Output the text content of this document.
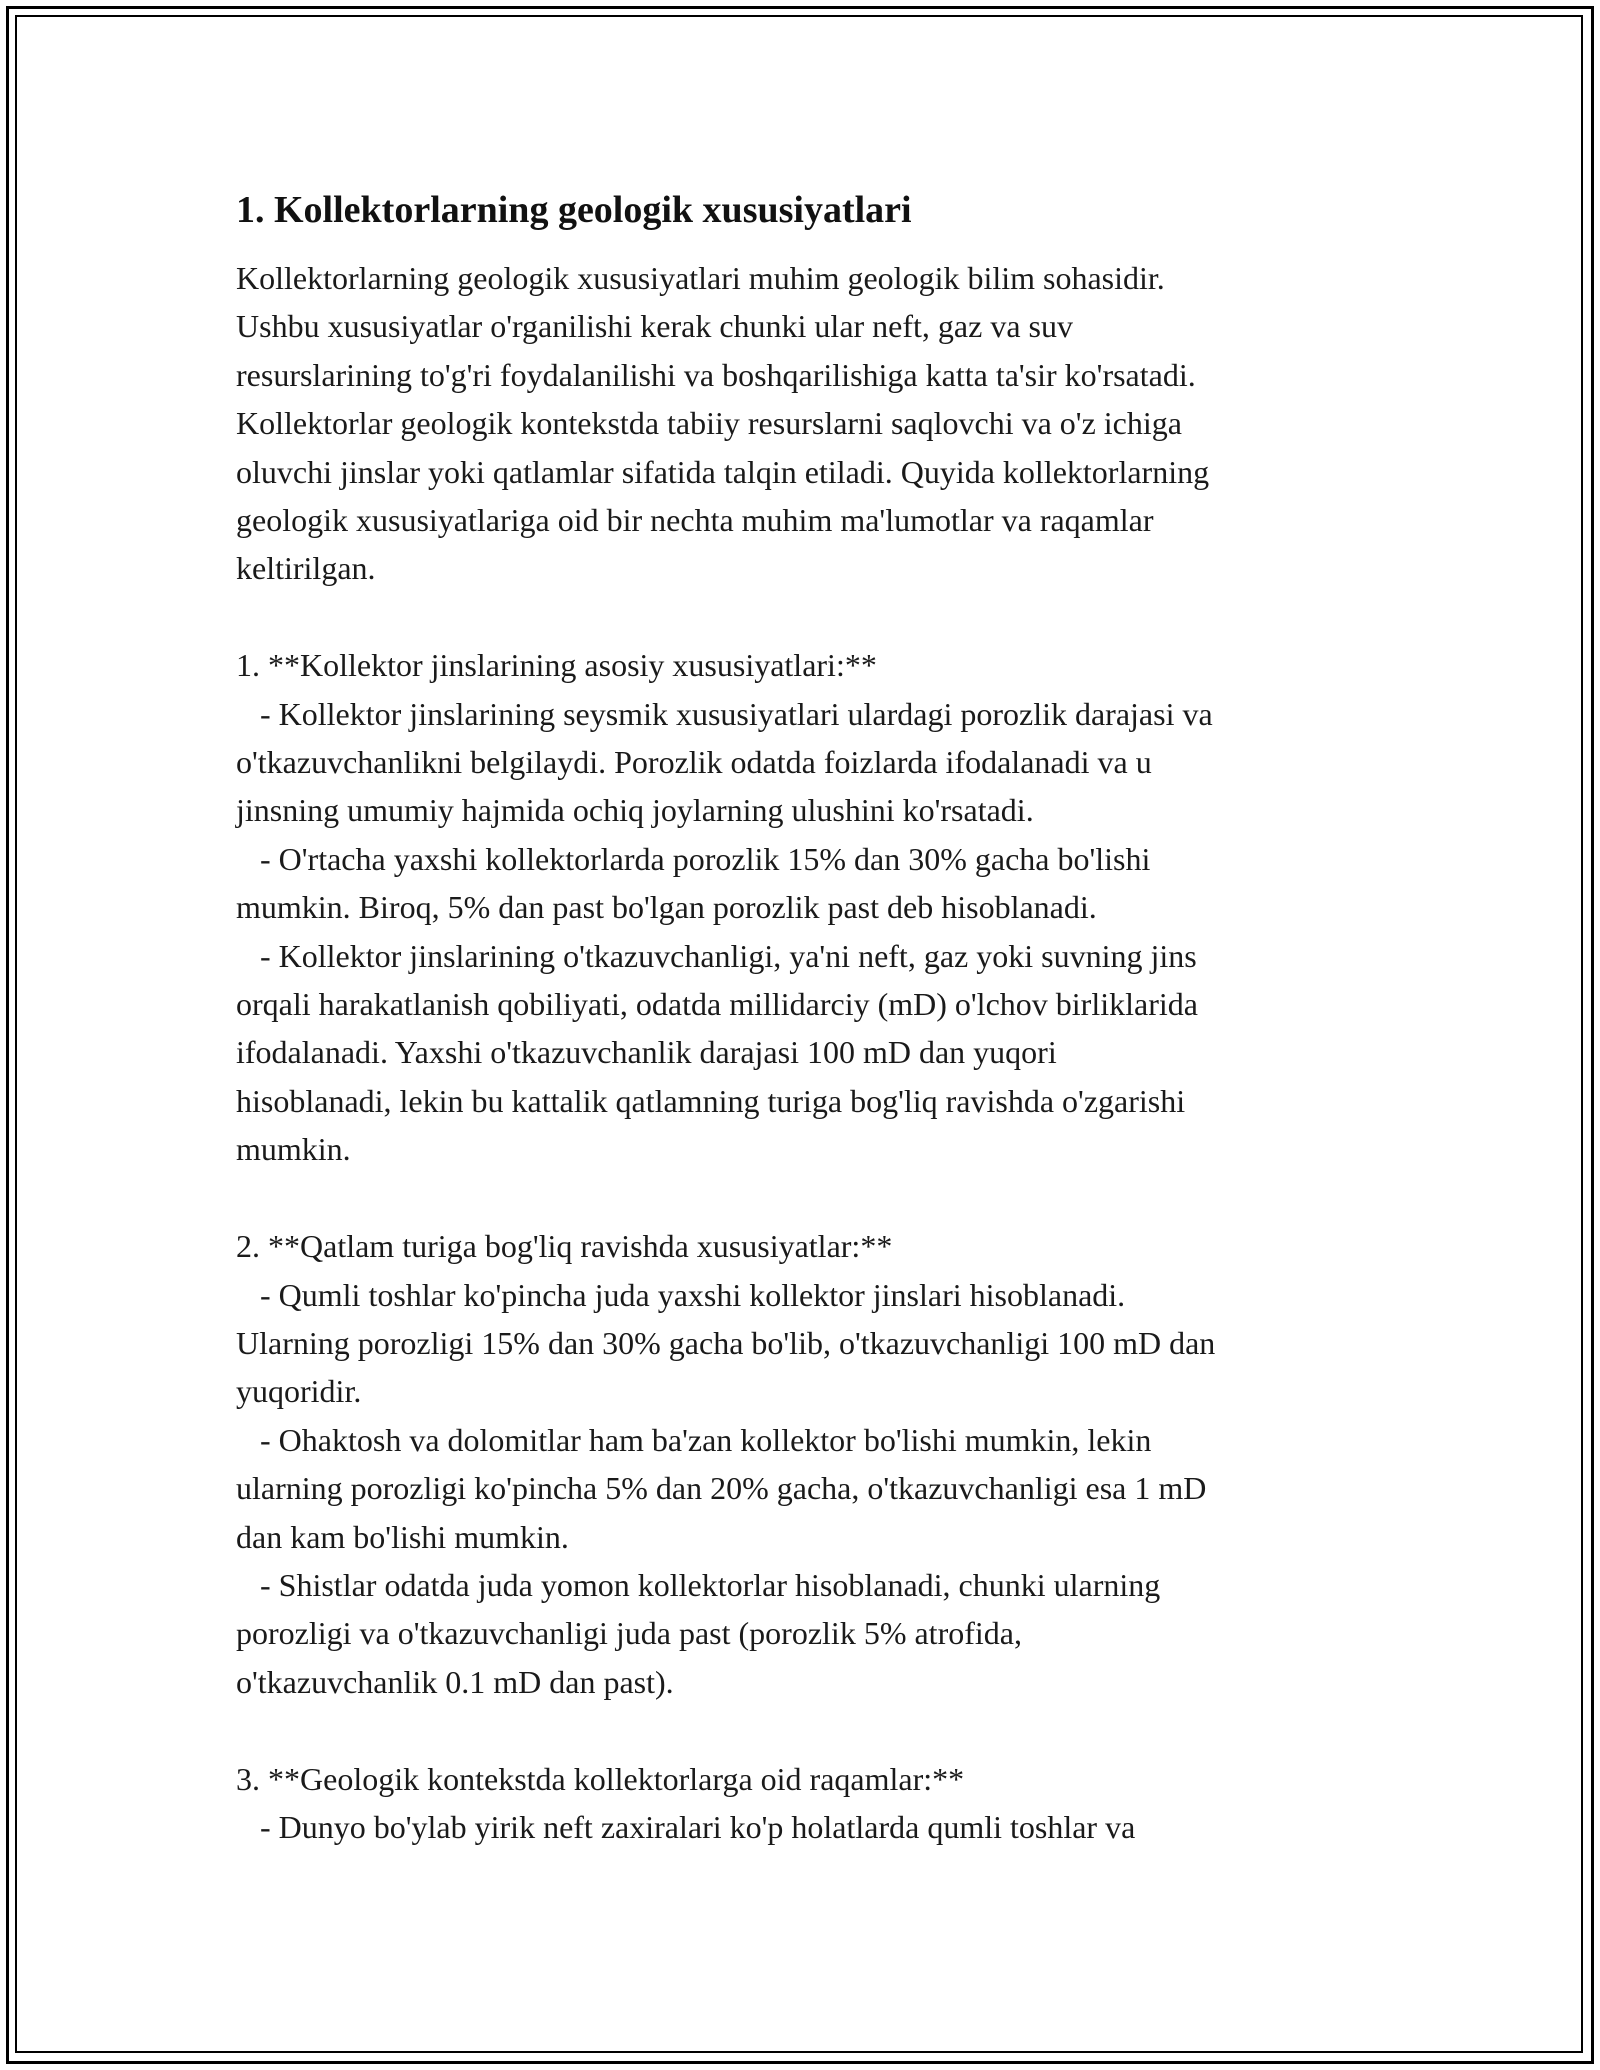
1. Kollektorlarning geologik xususiyatlari

Kollektorlarning geologik xususiyatlari muhim geologik bilim sohasidir.
Ushbu xususiyatlar o'rganilishi kerak chunki ular neft, gaz va suv
resurslarining to'g'ri foydalanilishi va boshqarilishiga katta ta'sir ko'rsatadi.
Kollektorlar geologik kontekstda tabiiy resurslarni saqlovchi va o'z ichiga
oluvchi jinslar yoki qatlamlar sifatida talqin etiladi. Quyida kollektorlarning
geologik xususiyatlariga oid bir nechta muhim ma'lumotlar va raqamlar
keltirilgan.

1. **Kollektor jinslarining asosiy xususiyatlari:**
- Kollektor jinslarining seysmik xususiyatlari ulardagi porozlik darajasi va
o'tkazuvchanlikni belgilaydi. Porozlik odatda foizlarda ifodalanadi va u
jinsning umumiy hajmida ochiq joylarning ulushini ko'rsatadi.
- O'rtacha yaxshi kollektorlarda porozlik 15% dan 30% gacha bo'lishi
mumkin. Biroq, 5% dan past bo'lgan porozlik past deb hisoblanadi.
- Kollektor jinslarining o'tkazuvchanligi, ya'ni neft, gaz yoki suvning jins
orqali harakatlanish qobiliyati, odatda millidarciy (mD) o'lchov birliklarida
ifodalanadi. Yaxshi o'tkazuvchanlik darajasi 100 mD dan yuqori
hisoblanadi, lekin bu kattalik qatlamning turiga bog'liq ravishda o'zgarishi
mumkin.

2. **Qatlam turiga bog'liq ravishda xususiyatlar:**
- Qumli toshlar ko'pincha juda yaxshi kollektor jinslari hisoblanadi.
Ularning porozligi 15% dan 30% gacha bo'lib, o'tkazuvchanligi 100 mD dan
yuqoridir.
- Ohaktosh va dolomitlar ham ba'zan kollektor bo'lishi mumkin, lekin
ularning porozligi ko'pincha 5% dan 20% gacha, o'tkazuvchanligi esa 1 mD
dan kam bo'lishi mumkin.
- Shistlar odatda juda yomon kollektorlar hisoblanadi, chunki ularning
porozligi va o'tkazuvchanligi juda past (porozlik 5% atrofida,
o'tkazuvchanlik 0.1 mD dan past).

3. **Geologik kontekstda kollektorlarga oid raqamlar:**
- Dunyo bo'ylab yirik neft zaxiralari ko'p holatlarda qumli toshlar va
